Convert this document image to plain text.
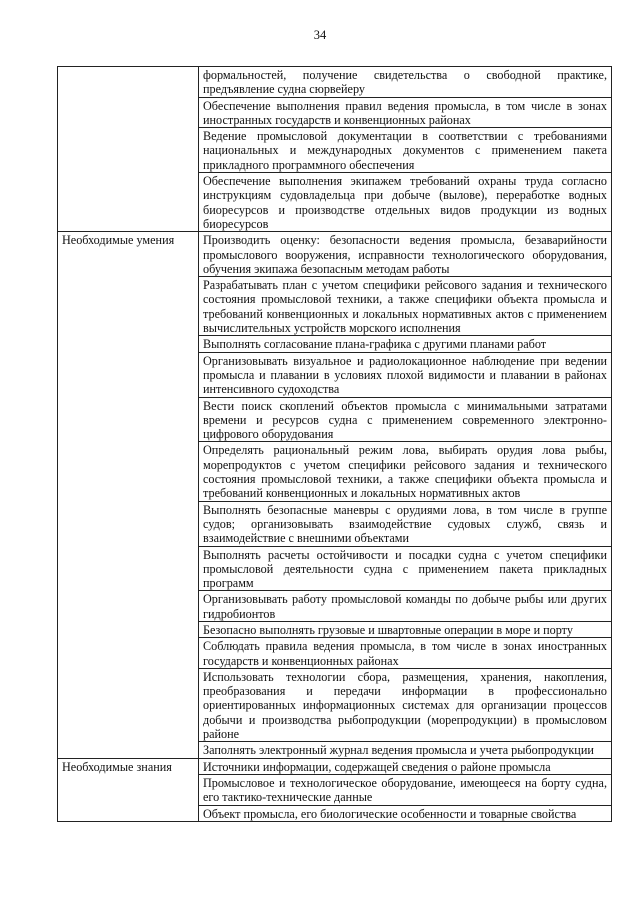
34
	формальностей, получение свидетельства о свободной практике, предъявление судна сюрвейеру
	Обеспечение выполнения правил ведения промысла, в том числе в зонах иностранных государств и конвенционных районах
	Ведение промысловой документации в соответствии с требованиями национальных и международных документов с применением пакета прикладного программного обеспечения
	Обеспечение выполнения экипажем требований охраны труда согласно инструкциям судовладельца при добыче (вылове), переработке водных биоресурсов и производстве отдельных видов продукции из водных биоресурсов
Необходимые умения	Производить оценку: безопасности ведения промысла, безаварийности промыслового вооружения, исправности технологического оборудования, обучения экипажа безопасным методам работы
	Разрабатывать план с учетом специфики рейсового задания и технического состояния промысловой техники, а также специфики объекта промысла и требований конвенционных и локальных нормативных актов с применением вычислительных устройств морского исполнения
	Выполнять согласование плана-графика с другими планами работ
	Организовывать визуальное и радиолокационное наблюдение при ведении промысла и плавании в условиях плохой видимости и плавании в районах интенсивного судоходства
	Вести поиск скоплений объектов промысла с минимальными затратами времени и ресурсов судна с применением современного электронно-цифрового оборудования
	Определять рациональный режим лова, выбирать орудия лова рыбы, морепродуктов с учетом специфики рейсового задания и технического состояния промысловой техники, а также специфики объекта промысла и требований конвенционных и локальных нормативных актов
	Выполнять безопасные маневры с орудиями лова, в том числе в группе судов; организовывать взаимодействие судовых служб, связь и взаимодействие с внешними объектами
	Выполнять расчеты остойчивости и посадки судна с учетом специфики промысловой деятельности судна с применением пакета прикладных программ
	Организовывать работу промысловой команды по добыче рыбы или других гидробионтов
	Безопасно выполнять грузовые и швартовные операции в море и порту
	Соблюдать правила ведения промысла, в том числе в зонах иностранных государств и конвенционных районах
	Использовать технологии сбора, размещения, хранения, накопления, преобразования и передачи информации в профессионально ориентированных информационных системах для организации процессов добычи и производства рыбопродукции (морепродукции) в промысловом районе
	Заполнять электронный журнал ведения промысла и учета рыбопродукции
Необходимые знания	Источники информации, содержащей сведения о районе промысла
	Промысловое и технологическое оборудование, имеющееся на борту судна, его тактико-технические данные
	Объект промысла, его биологические особенности и товарные свойства
